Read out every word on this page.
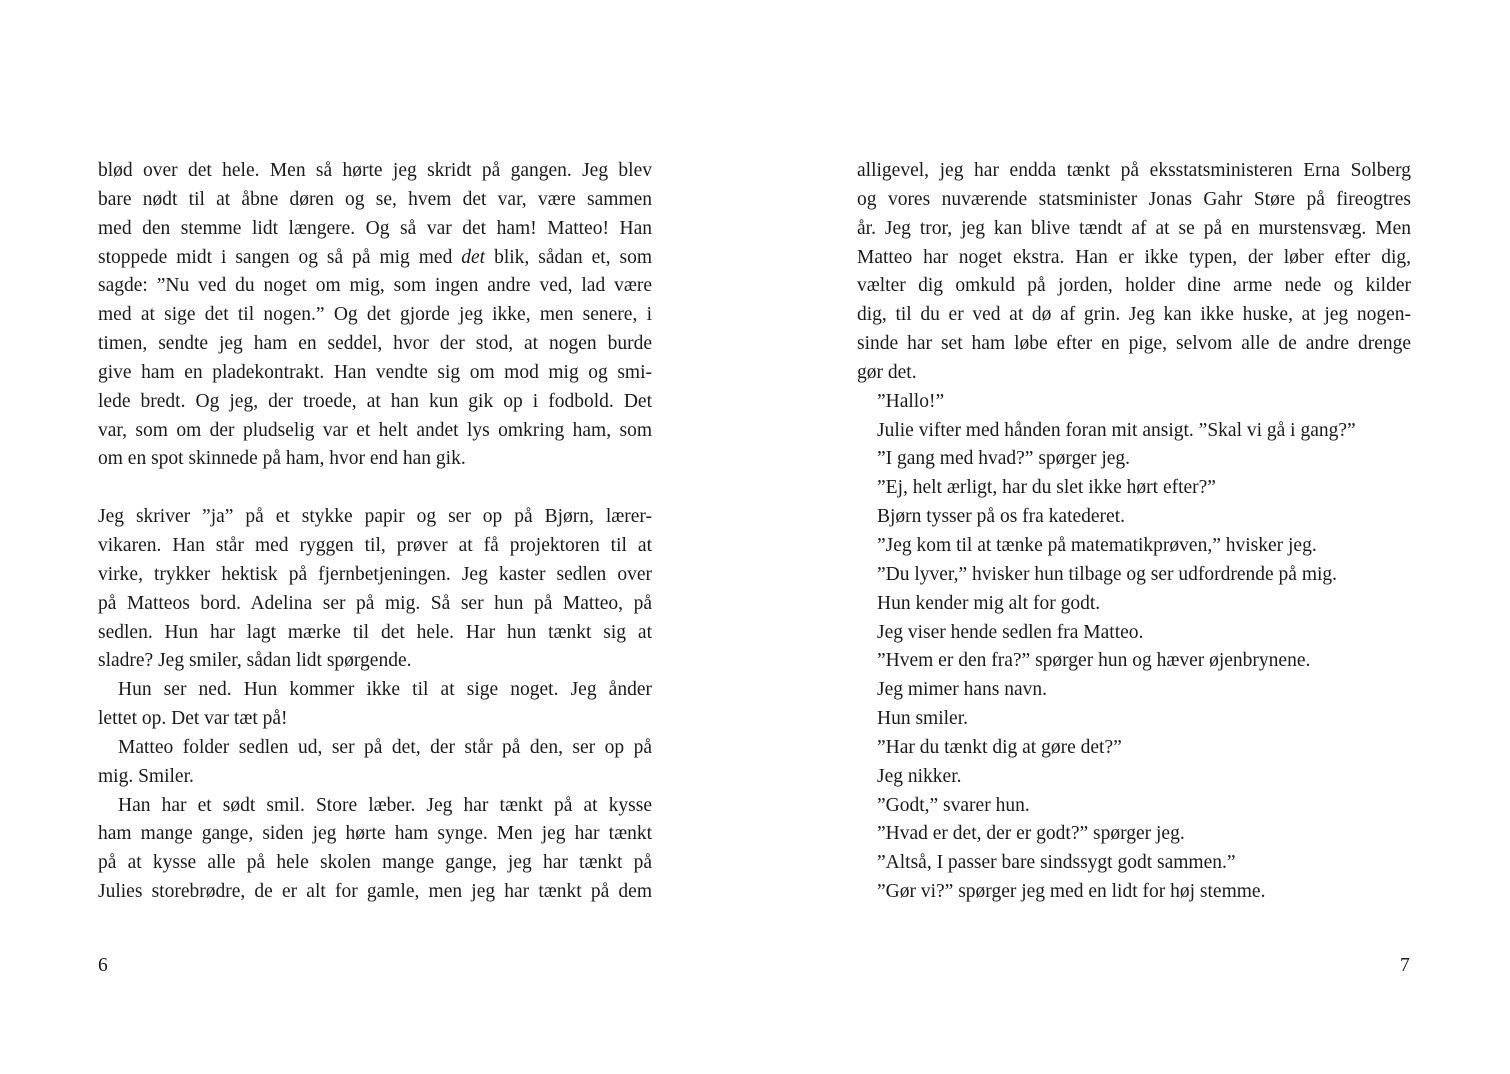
blød over det hele. Men så hørte jeg skridt på gangen. Jeg blev
bare nødt til at åbne døren og se, hvem det var, være sammen
med den stemme lidt længere. Og så var det ham! Matteo! Han
stoppede midt i sangen og så på mig med det blik, sådan et, som
sagde: ”Nu ved du noget om mig, som ingen andre ved, lad være
med at sige det til nogen.” Og det gjorde jeg ikke, men senere, i
timen, sendte jeg ham en seddel, hvor der stod, at nogen burde
give ham en pladekontrakt. Han vendte sig om mod mig og smi-
lede bredt. Og jeg, der troede, at han kun gik op i fodbold. Det
var, som om der pludselig var et helt andet lys omkring ham, som
om en spot skinnede på ham, hvor end han gik.
Jeg skriver ”ja” på et stykke papir og ser op på Bjørn, lærer-
vikaren. Han står med ryggen til, prøver at få projektoren til at
virke, trykker hektisk på fjernbetjeningen. Jeg kaster sedlen over
på Matteos bord. Adelina ser på mig. Så ser hun på Matteo, på
sedlen. Hun har lagt mærke til det hele. Har hun tænkt sig at
sladre? Jeg smiler, sådan lidt spørgende.
Hun ser ned. Hun kommer ikke til at sige noget. Jeg ånder
lettet op. Det var tæt på!
Matteo folder sedlen ud, ser på det, der står på den, ser op på
mig. Smiler.
Han har et sødt smil. Store læber. Jeg har tænkt på at kysse
ham mange gange, siden jeg hørte ham synge. Men jeg har tænkt
på at kysse alle på hele skolen mange gange, jeg har tænkt på
Julies storebrødre, de er alt for gamle, men jeg har tænkt på dem
alligevel, jeg har endda tænkt på eksstatsministeren Erna Solberg
og vores nuværende statsminister Jonas Gahr Støre på fireogtres
år. Jeg tror, jeg kan blive tændt af at se på en murstensvæg. Men
Matteo har noget ekstra. Han er ikke typen, der løber efter dig,
vælter dig omkuld på jorden, holder dine arme nede og kilder
dig, til du er ved at dø af grin. Jeg kan ikke huske, at jeg nogen-
sinde har set ham løbe efter en pige, selvom alle de andre drenge
gør det.
”Hallo!”
Julie vifter med hånden foran mit ansigt. ”Skal vi gå i gang?”
”I gang med hvad?” spørger jeg.
”Ej, helt ærligt, har du slet ikke hørt efter?”
Bjørn tysser på os fra katederet.
”Jeg kom til at tænke på matematikprøven,” hvisker jeg.
”Du lyver,” hvisker hun tilbage og ser udfordrende på mig.
Hun kender mig alt for godt.
Jeg viser hende sedlen fra Matteo.
”Hvem er den fra?” spørger hun og hæver øjenbrynene.
Jeg mimer hans navn.
Hun smiler.
”Har du tænkt dig at gøre det?”
Jeg nikker.
”Godt,” svarer hun.
”Hvad er det, der er godt?” spørger jeg.
”Altså, I passer bare sindssygt godt sammen.”
”Gør vi?” spørger jeg med en lidt for høj stemme.
6	7
